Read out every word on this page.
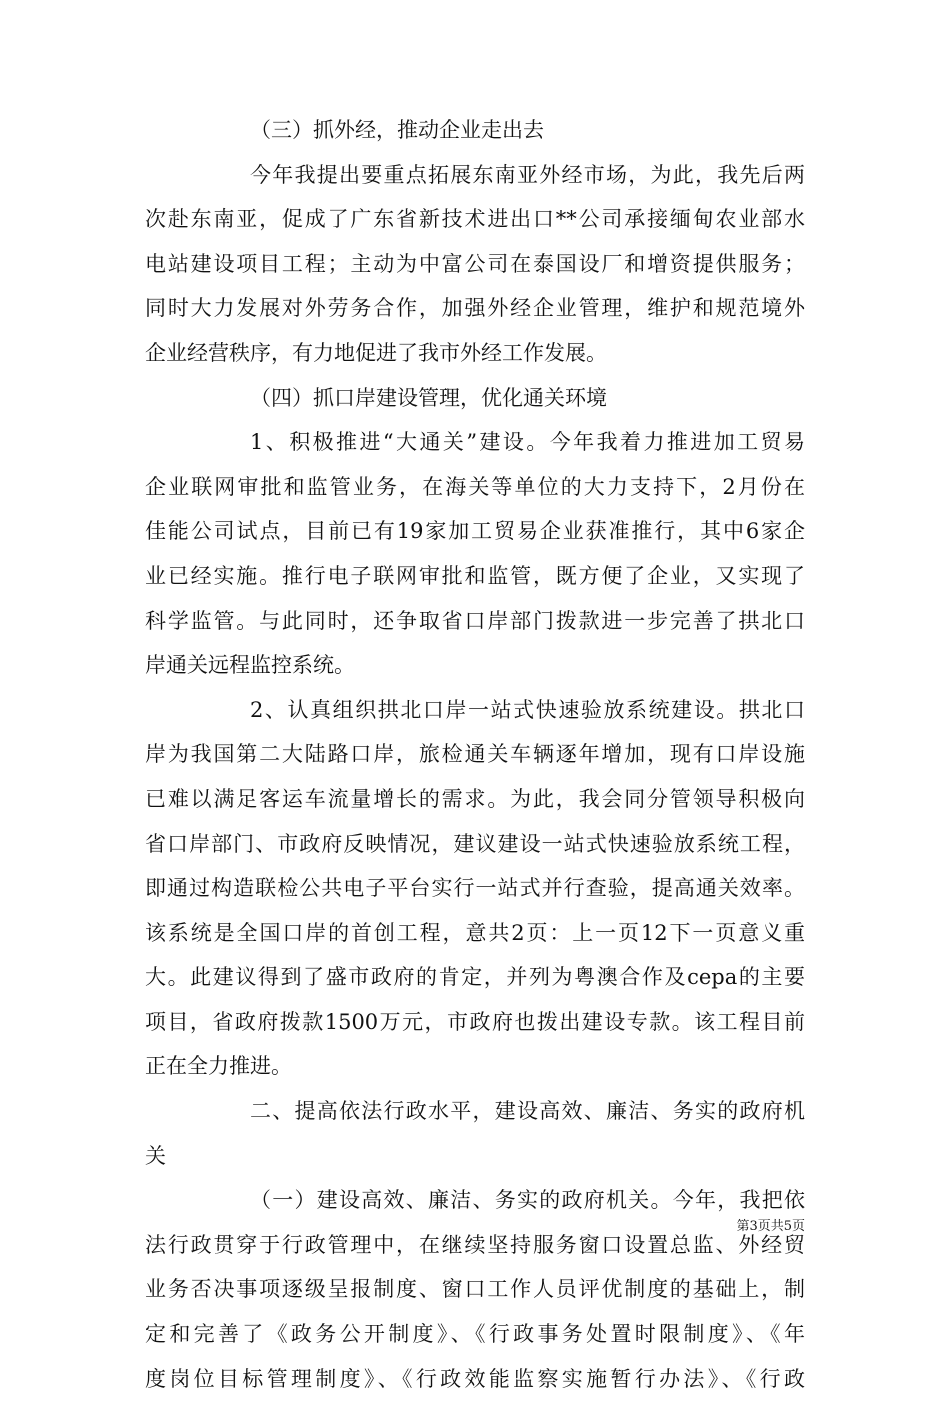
（三）抓外经，推动企业走出去
今年我提出要重点拓展东南亚外经市场，为此，我先后两
次赴东南亚，促成了广东省新技术进出口**公司承接缅甸农业部水
电站建设项目工程；主动为中富公司在泰国设厂和增资提供服务；
同时大力发展对外劳务合作，加强外经企业管理，维护和规范境外
企业经营秩序，有力地促进了我市外经工作发展。
（四）抓口岸建设管理，优化通关环境
1、积极推进“大通关”建设。今年我着力推进加工贸易
企业联网审批和监管业务，在海关等单位的大力支持下，2月份在
佳能公司试点，目前已有19家加工贸易企业获准推行，其中6家企
业已经实施。推行电子联网审批和监管，既方便了企业，又实现了
科学监管。与此同时，还争取省口岸部门拨款进一步完善了拱北口
岸通关远程监控系统。
2、认真组织拱北口岸一站式快速验放系统建设。拱北口
岸为我国第二大陆路口岸，旅检通关车辆逐年增加，现有口岸设施
已难以满足客运车流量增长的需求。为此，我会同分管领导积极向
省口岸部门、市政府反映情况，建议建设一站式快速验放系统工程，
即通过构造联检公共电子平台实行一站式并行查验，提高通关效率。
该系统是全国口岸的首创工程，意共2页：上一页12下一页意义重
大。此建议得到了盛市政府的肯定，并列为粤澳合作及cepa的主要
项目，省政府拨款1500万元，市政府也拨出建设专款。该工程目前
正在全力推进。
二、提高依法行政水平，建设高效、廉洁、务实的政府机
关
（一）建设高效、廉洁、务实的政府机关。今年，我把依
法行政贯穿于行政管理中，在继续坚持服务窗口设置总监、外经贸
业务否决事项逐级呈报制度、窗口工作人员评优制度的基础上，制
定和完善了《政务公开制度》、《行政事务处置时限制度》、《年
度岗位目标管理制度》、《行政效能监察实施暂行办法》、《行政
第3页共5页
